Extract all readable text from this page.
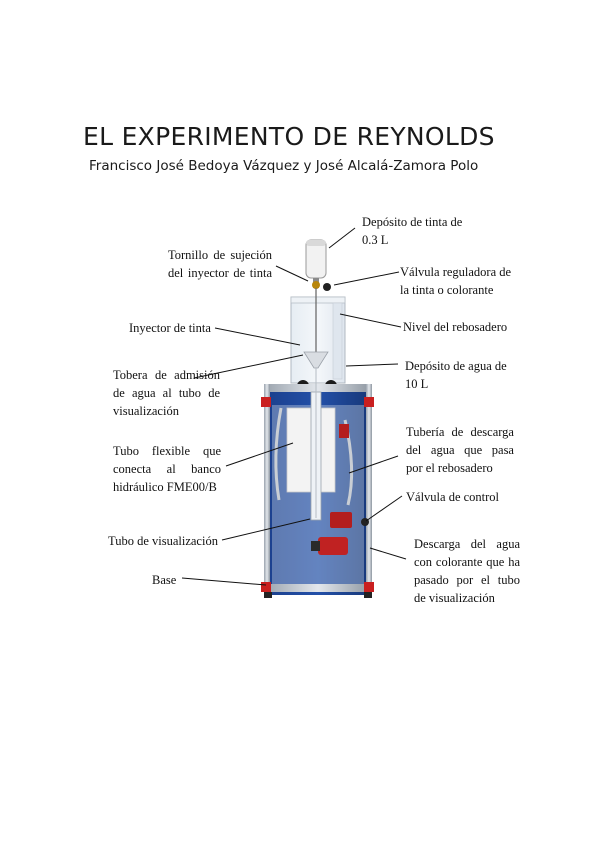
EL EXPERIMENTO DE REYNOLDS
Francisco José Bedoya Vázquez y José Alcalá-Zamora Polo
Depósito de tinta de
0.3 L
Tornillo de sujeción
del inyector de tinta	Válvula reguladora de
la tinta o colorante
Inyector de tinta	Nivel del rebosadero
Tobera de admisión
de agua al tubo de
visualización
Depósito de agua de
10 L
Tubo flexible que
conecta al banco
hidráulico FME00/B
Tubería de descarga
del agua que pasa
por el rebosadero
Válvula de control
Tubo de visualización	Descarga del agua
con colorante que ha
pasado por el tubo
de visualización
Base
